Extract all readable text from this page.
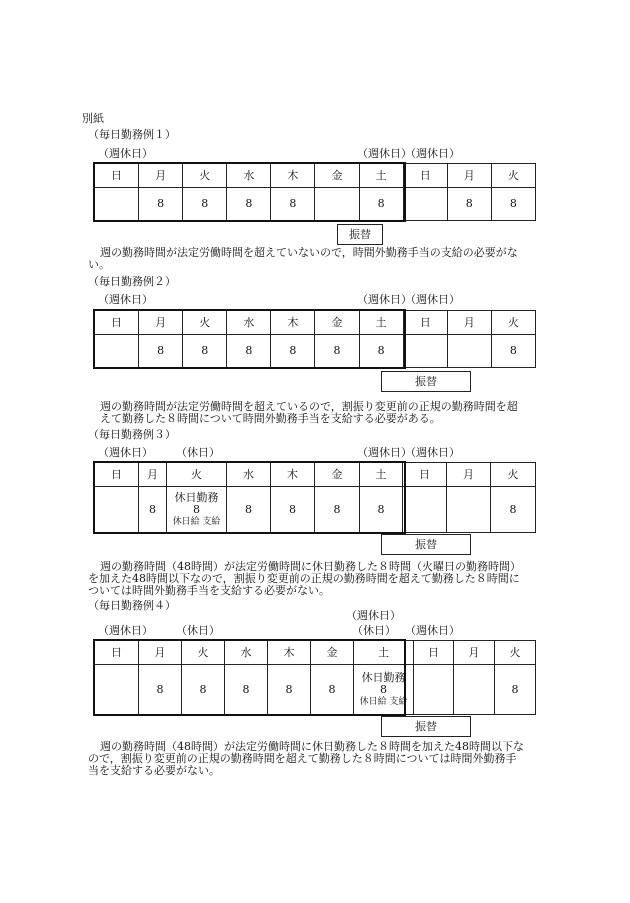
別紙
（毎日勤務例１）
（週休日）	（週休日）
（週休日）
日	月	火	水	木	金	土	日	月	火
	8	8	8	8		8		8	8
振替
週の勤務時間が法定労働時間を超えていないので，時間外勤務手当の支給の必要がな
い。
（毎日勤務例２）
（週休日）	（週休日）
（週休日）
日	月	火	水	木	金	土	日	月	火
	8	8	8	8	8	8			8
振替
週の勤務時間が法定労働時間を超えているので，割振り変更前の正規の勤務時間を超
えて勤務した８時間について時間外勤務手当を支給する必要がある。
（毎日勤務例３）
（週休日） （休日）	（週休日）
（週休日）
日	月	火	水	木	金	土	日	月	火
	8	休日勤務
8
休日給 支給	8	8	8	8			8
振替
週の勤務時間（48時間）が法定労働時間に休日勤務した８時間（火曜日の勤務時間）
を加えた48時間以下なので，割振り変更前の正規の勤務時間を超えて勤務した８時間に
ついては時間外勤務手当を支給する必要がない。
（毎日勤務例４）
（週休日）
（週休日） （休日）	（休日） （週休日）
日	月	火	水	木	金	土	日	月	火
	8	8	8	8	8	休日勤務
8
休日給 支給			8
振替
週の勤務時間（48時間）が法定労働時間に休日勤務した８時間を加えた48時間以下な
ので，割振り変更前の正規の勤務時間を超えて勤務した８時間については時間外勤務手
当を支給する必要がない。
